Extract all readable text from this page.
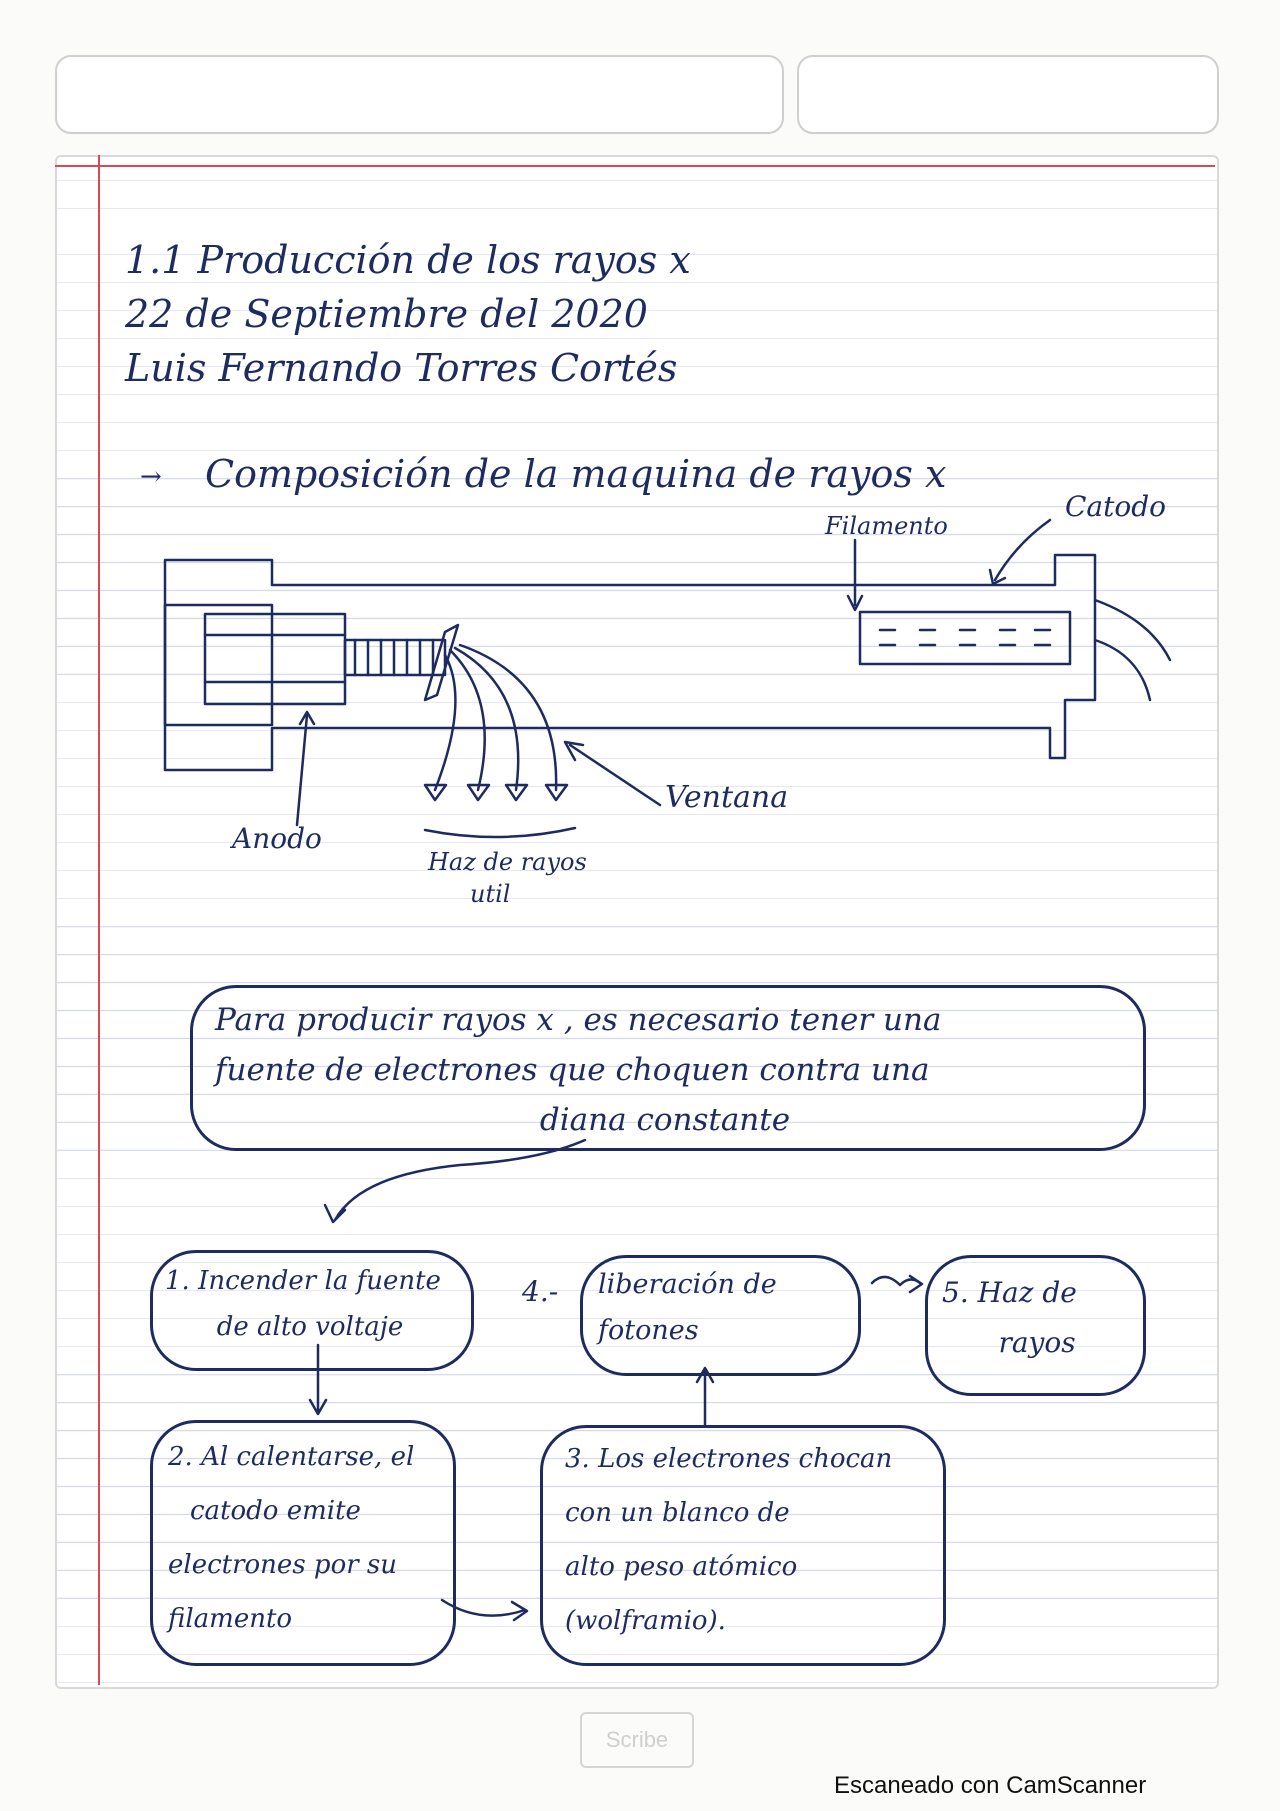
1.1 Producción de los rayos x
22 de Septiembre del 2020
Luis Fernando Torres Cortés
→ Composición de la maquina de rayos x
Filamento
Catodo
Anodo
Ventana
Haz de rayos
util
Para producir rayos x , es necesario tener una
fuente de electrones que choquen contra una
diana constante
1. Incender la fuente
de alto voltaje
4.- liberación de
fotones
5. Haz de
rayos
2. Al calentarse, el
catodo emite
electrones por su
filamento
3. Los electrones chocan
con un blanco de
alto peso atómico
(wolframio).
Scribe
Escaneado con CamScanner
